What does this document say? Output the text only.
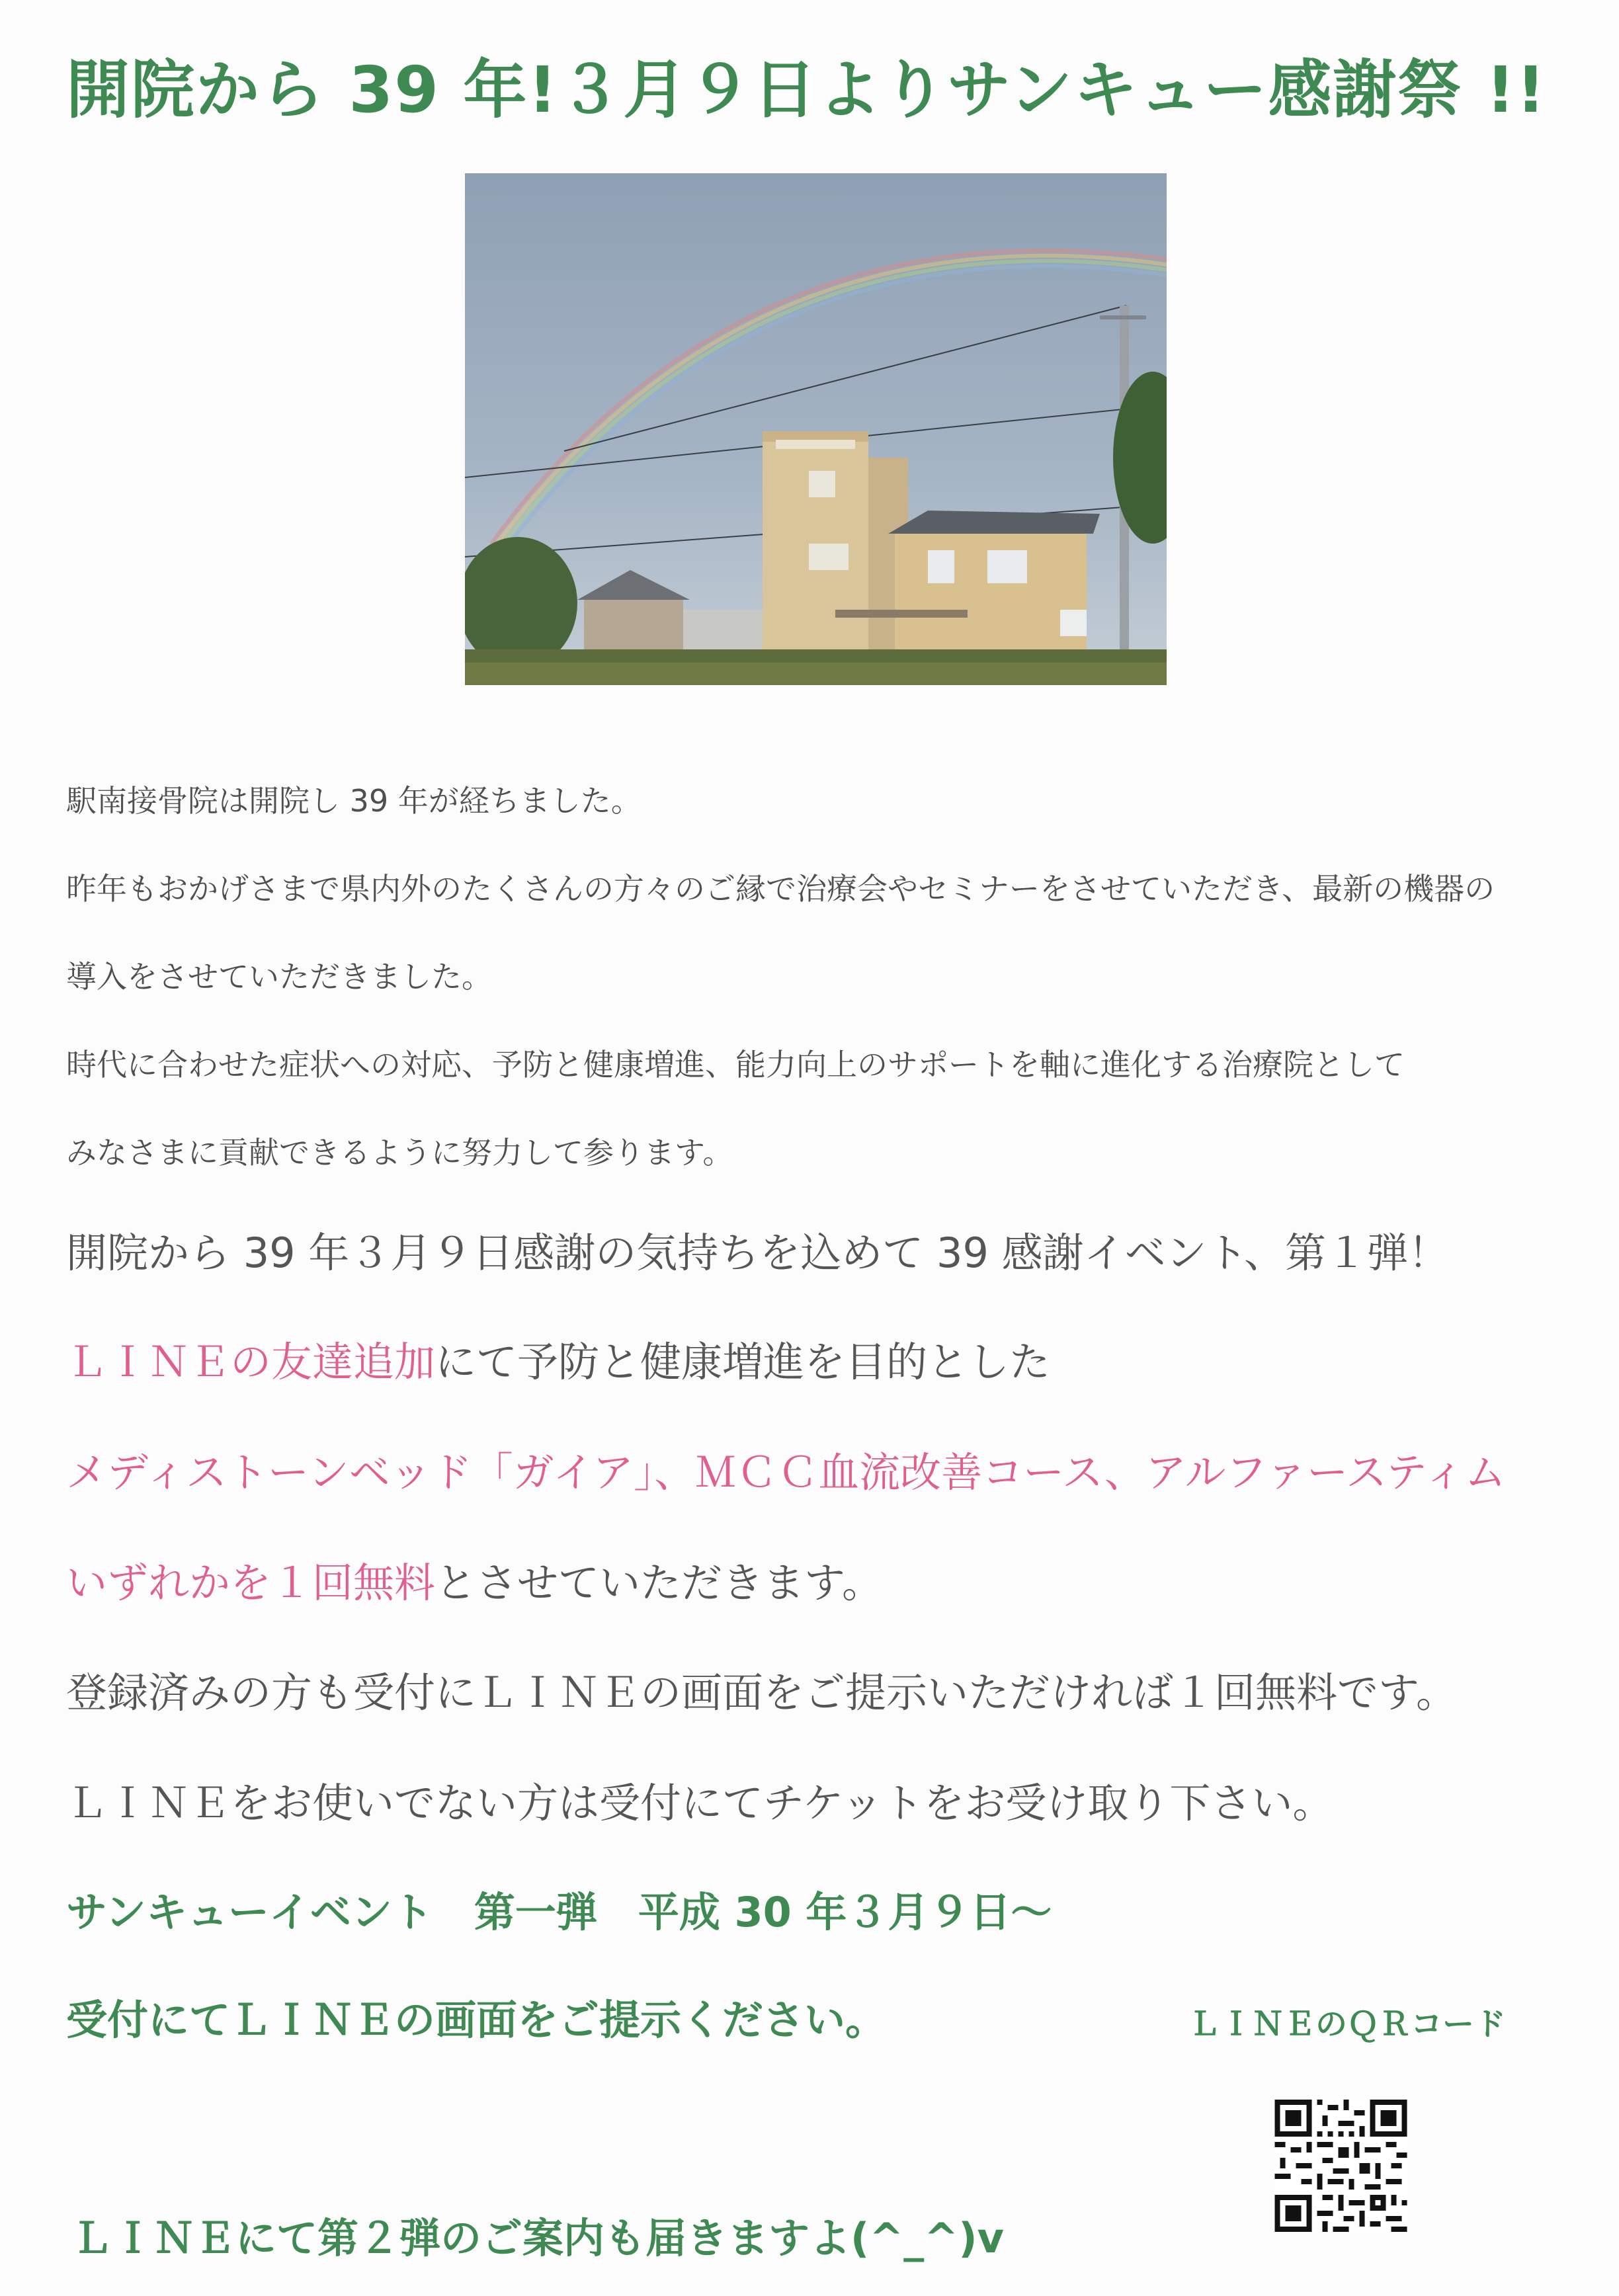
開院から 39 年!３月９日よりサンキュー感謝祭 !!
駅南接骨院は開院し 39 年が経ちました。
昨年もおかげさまで県内外のたくさんの方々のご縁で治療会やセミナーをさせていただき、最新の機器の
導入をさせていただきました。
時代に合わせた症状への対応、予防と健康増進、能力向上のサポートを軸に進化する治療院として
みなさまに貢献できるように努力して参ります。
開院から 39 年３月９日感謝の気持ちを込めて 39 感謝イベント、第１弾！
ＬＩＮＥの友達追加にて予防と健康増進を目的とした
メディストーンベッド「ガイア」、ＭＣＣ血流改善コース、アルファースティム
いずれかを１回無料とさせていただきます。
登録済みの方も受付にＬＩＮＥの画面をご提示いただければ１回無料です。
ＬＩＮＥをお使いでない方は受付にてチケットをお受け取り下さい。
サンキューイベント　第一弾　平成 30 年３月９日～
受付にてＬＩＮＥの画面をご提示ください。	ＬＩＮＥのＱＲコード
ＬＩＮＥにて第２弾のご案内も届きますよ(^_^)v
